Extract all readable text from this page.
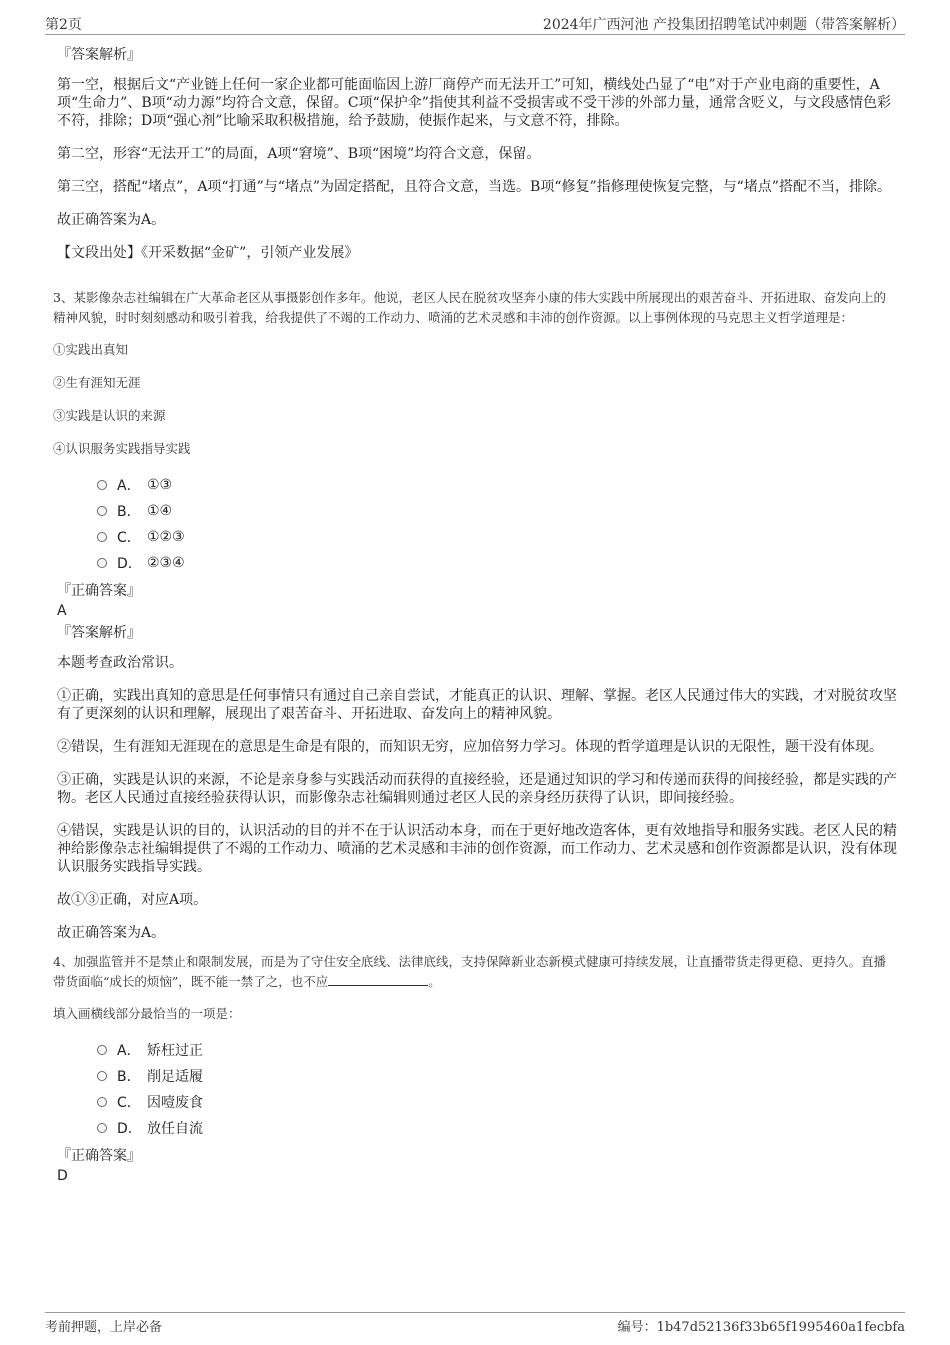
第2页	2024年广西河池 产投集团招聘笔试冲刺题（带答案解析）
『答案解析』

第一空，根据后文“产业链上任何一家企业都可能面临因上游厂商停产而无法开工”可知，横线处凸显了“电”对于产业电商的重要性，A项“生命力”、B项“动力源”均符合文意，保留。C项“保护伞”指使其利益不受损害或不受干涉的外部力量，通常含贬义，与文段感情色彩不符，排除；D项“强心剂”比喻采取积极措施，给予鼓励，使振作起来，与文意不符，排除。

第二空，形容“无法开工”的局面，A项“窘境”、B项“困境”均符合文意，保留。

第三空，搭配“堵点”，A项“打通”与“堵点”为固定搭配，且符合文意，当选。B项“修复”指修理使恢复完整，与“堵点”搭配不当，排除。

故正确答案为A。

【文段出处】《开采数据“金矿”，引领产业发展》

3、某影像杂志社编辑在广大革命老区从事摄影创作多年。他说，老区人民在脱贫攻坚奔小康的伟大实践中所展现出的艰苦奋斗、开拓进取、奋发向上的精神风貌，时时刻刻感动和吸引着我，给我提供了不竭的工作动力、喷涌的艺术灵感和丰沛的创作资源。以上事例体现的马克思主义哲学道理是：
①实践出真知
②生有涯知无涯
③实践是认识的来源
④认识服务实践指导实践
A． ①③
B． ①④
C． ①②③
D． ②③④
『正确答案』
A
『答案解析』

本题考查政治常识。

①正确，实践出真知的意思是任何事情只有通过自己亲自尝试，才能真正的认识、理解、掌握。老区人民通过伟大的实践，才对脱贫攻坚有了更深刻的认识和理解，展现出了艰苦奋斗、开拓进取、奋发向上的精神风貌。

②错误，生有涯知无涯现在的意思是生命是有限的，而知识无穷，应加倍努力学习。体现的哲学道理是认识的无限性，题干没有体现。

③正确，实践是认识的来源，不论是亲身参与实践活动而获得的直接经验，还是通过知识的学习和传递而获得的间接经验，都是实践的产物。老区人民通过直接经验获得认识，而影像杂志社编辑则通过老区人民的亲身经历获得了认识，即间接经验。

④错误，实践是认识的目的，认识活动的目的并不在于认识活动本身，而在于更好地改造客体，更有效地指导和服务实践。老区人民的精神给影像杂志社编辑提供了不竭的工作动力、喷涌的艺术灵感和丰沛的创作资源，而工作动力、艺术灵感和创作资源都是认识，没有体现认识服务实践指导实践。

故①③正确，对应A项。

故正确答案为A。

4、加强监管并不是禁止和限制发展，而是为了守住安全底线、法律底线，支持保障新业态新模式健康可持续发展，让直播带货走得更稳、更持久。直播带货面临“成长的烦恼”，既不能一禁了之，也不应	。
填入画横线部分最恰当的一项是：
A． 矫枉过正
B． 削足适履
C． 因噎废食
D． 放任自流
『正确答案』
D
考前押题，上岸必备	编号：1b47d52136f33b65f1995460a1fecbfa
